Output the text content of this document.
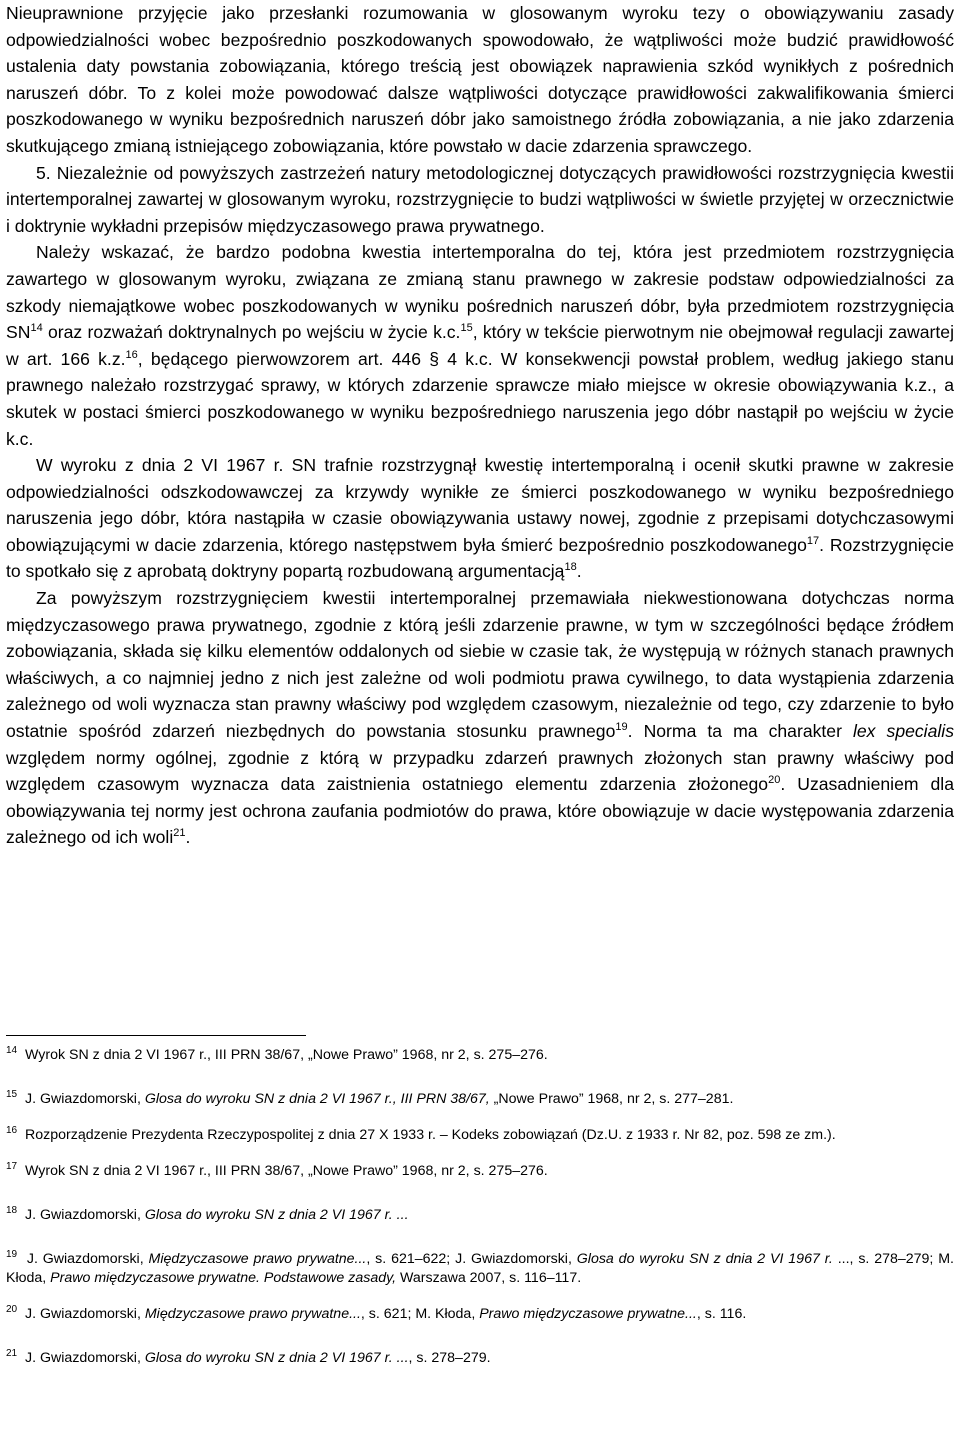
Nieuprawnione przyjęcie jako przesłanki rozumowania w glosowanym wyroku tezy o obowiązywaniu zasady odpowiedzialności wobec bezpośrednio poszkodowanych spowodowało, że wątpliwości może budzić prawidłowość ustalenia daty powstania zobowiązania, którego treścią jest obowiązek naprawienia szkód wynikłych z pośrednich naruszeń dóbr. To z kolei może powodować dalsze wątpliwości dotyczące prawidłowości zakwalifikowania śmierci poszkodowanego w wyniku bezpośrednich naruszeń dóbr jako samoistnego źródła zobowiązania, a nie jako zdarzenia skutkującego zmianą istniejącego zobowiązania, które powstało w dacie zdarzenia sprawczego.

5. Niezależnie od powyższych zastrzeżeń natury metodologicznej dotyczących prawidłowości rozstrzygnięcia kwestii intertemporalnej zawartej w glosowanym wyroku, rozstrzygnięcie to budzi wątpliwości w świetle przyjętej w orzecznictwie i doktrynie wykładni przepisów międzyczasowego prawa prywatnego.

Należy wskazać, że bardzo podobna kwestia intertemporalna do tej, która jest przedmiotem rozstrzygnięcia zawartego w glosowanym wyroku, związana ze zmianą stanu prawnego w zakresie podstaw odpowiedzialności za szkody niemajątkowe wobec poszkodowanych w wyniku pośrednich naruszeń dóbr, była przedmiotem rozstrzygnięcia SN$^{14}$ oraz rozważań doktrynalnych po wejściu w życie k.c.$^{15}$, który w tekście pierwotnym nie obejmował regulacji zawartej w art. 166 k.z.$^{16}$, będącego pierwowzorem art. 446 § 4 k.c. W konsekwencji powstał problem, według jakiego stanu prawnego należało rozstrzygać sprawy, w których zdarzenie sprawcze miało miejsce w okresie obowiązywania k.z., a skutek w postaci śmierci poszkodowanego w wyniku bezpośredniego naruszenia jego dóbr nastąpił po wejściu w życie k.c.

W wyroku z dnia 2 VI 1967 r. SN trafnie rozstrzygnął kwestię intertemporalną i ocenił skutki prawne w zakresie odpowiedzialności odszkodowawczej za krzywdy wynikłe ze śmierci poszkodowanego w wyniku bezpośredniego naruszenia jego dóbr, która nastąpiła w czasie obowiązywania ustawy nowej, zgodnie z przepisami dotychczasowymi obowiązującymi w dacie zdarzenia, którego następstwem była śmierć bezpośrednio poszkodowanego$^{17}$. Rozstrzygnięcie to spotkało się z aprobatą doktryny popartą rozbudowaną argumentacją$^{18}$.

Za powyższym rozstrzygnięciem kwestii intertemporalnej przemawiała niekwestionowana dotychczas norma międzyczasowego prawa prywatnego, zgodnie z którą jeśli zdarzenie prawne, w tym w szczególności będące źródłem zobowiązania, składa się kilku elementów oddalonych od siebie w czasie tak, że występują w różnych stanach prawnych właściwych, a co najmniej jedno z nich jest zależne od woli podmiotu prawa cywilnego, to data wystąpienia zdarzenia zależnego od woli wyznacza stan prawny właściwy pod względem czasowym, niezależnie od tego, czy zdarzenie to było ostatnie spośród zdarzeń niezbędnych do powstania stosunku prawnego$^{19}$. Norma ta ma charakter lex specialis względem normy ogólnej, zgodnie z którą w przypadku zdarzeń prawnych złożonych stan prawny właściwy pod względem czasowym wyznacza data zaistnienia ostatniego elementu zdarzenia złożonego$^{20}$. Uzasadnieniem dla obowiązywania tej normy jest ochrona zaufania podmiotów do prawa, które obowiązuje w dacie występowania zdarzenia zależnego od ich woli$^{21}$.

$^{14}$ Wyrok SN z dnia 2 VI 1967 r., III PRN 38/67, „Nowe Prawo” 1968, nr 2, s. 275–276.

$^{15}$ J. Gwiazdomorski, Glosa do wyroku SN z dnia 2 VI 1967 r., III PRN 38/67, „Nowe Prawo” 1968, nr 2, s. 277–281.

$^{16}$ Rozporządzenie Prezydenta Rzeczypospolitej z dnia 27 X 1933 r. – Kodeks zobowiązań (Dz.U. z 1933 r. Nr 82, poz. 598 ze zm.).

$^{17}$ Wyrok SN z dnia 2 VI 1967 r., III PRN 38/67, „Nowe Prawo” 1968, nr 2, s. 275–276.

$^{18}$ J. Gwiazdomorski, Glosa do wyroku SN z dnia 2 VI 1967 r. ...

$^{19}$ J. Gwiazdomorski, Międzyczasowe prawo prywatne..., s. 621–622; J. Gwiazdomorski, Glosa do wyroku SN z dnia 2 VI 1967 r. ..., s. 278–279; M. Kłoda, Prawo międzyczasowe prywatne. Podstawowe zasady, Warszawa 2007, s. 116–117.

$^{20}$ J. Gwiazdomorski, Międzyczasowe prawo prywatne..., s. 621; M. Kłoda, Prawo międzyczasowe prywatne..., s. 116.

$^{21}$ J. Gwiazdomorski, Glosa do wyroku SN z dnia 2 VI 1967 r. ..., s. 278–279.
